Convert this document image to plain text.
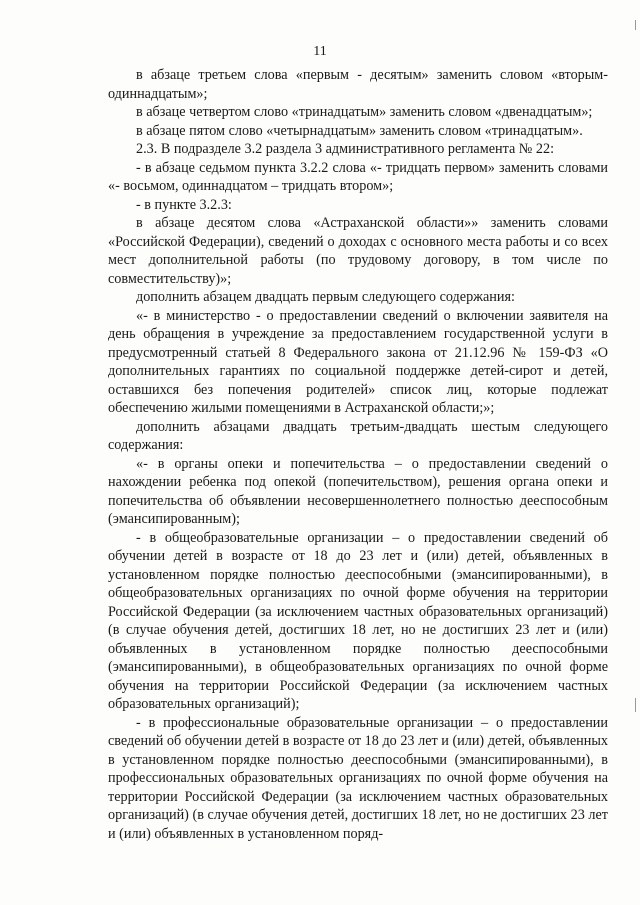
11

в абзаце третьем слова «первым - десятым» заменить словом «вторым-одиннадцатым»;

в абзаце четвертом слово «тринадцатым» заменить словом «двенадцатым»;

в абзаце пятом слово «четырнадцатым» заменить словом «тринадцатым».

2.3. В подразделе 3.2 раздела 3 административного регламента № 22:

- в абзаце седьмом пункта 3.2.2 слова «- тридцать первом» заменить словами «- восьмом, одиннадцатом – тридцать втором»;

- в пункте 3.2.3:

в абзаце десятом слова «Астраханской области»» заменить словами «Российской Федерации), сведений о доходах с основного места работы и со всех мест дополнительной работы (по трудовому договору, в том числе по совместительству)»;

дополнить абзацем двадцать первым следующего содержания:

«- в министерство - о предоставлении сведений о включении заявителя на день обращения в учреждение за предоставлением государственной услуги в предусмотренный статьей 8 Федерального закона от 21.12.96 № 159-ФЗ «О дополнительных гарантиях по социальной поддержке детей-сирот и детей, оставшихся без попечения родителей» список лиц, которые подлежат обеспечению жилыми помещениями в Астраханской области;»;

дополнить абзацами двадцать третьим-двадцать шестым следующего содержания:

«- в органы опеки и попечительства – о предоставлении сведений о нахождении ребенка под опекой (попечительством), решения органа опеки и попечительства об объявлении несовершеннолетнего полностью дееспособным (эмансипированным);

- в общеобразовательные организации – о предоставлении сведений об обучении детей в возрасте от 18 до 23 лет и (или) детей, объявленных в установленном порядке полностью дееспособными (эмансипированными), в общеобразовательных организациях по очной форме обучения на территории Российской Федерации (за исключением частных образовательных организаций) (в случае обучения детей, достигших 18 лет, но не достигших 23 лет и (или) объявленных в установленном порядке полностью дееспособными (эмансипированными), в общеобразовательных организациях по очной форме обучения на территории Российской Федерации (за исключением частных образовательных организаций);

- в профессиональные образовательные организации – о предоставлении сведений об обучении детей в возрасте от 18 до 23 лет и (или) детей, объявленных в установленном порядке полностью дееспособными (эмансипированными), в профессиональных образовательных организациях по очной форме обучения на территории Российской Федерации (за исключением частных образовательных организаций) (в случае обучения детей, достигших 18 лет, но не достигших 23 лет и (или) объявленных в установленном поряд-
